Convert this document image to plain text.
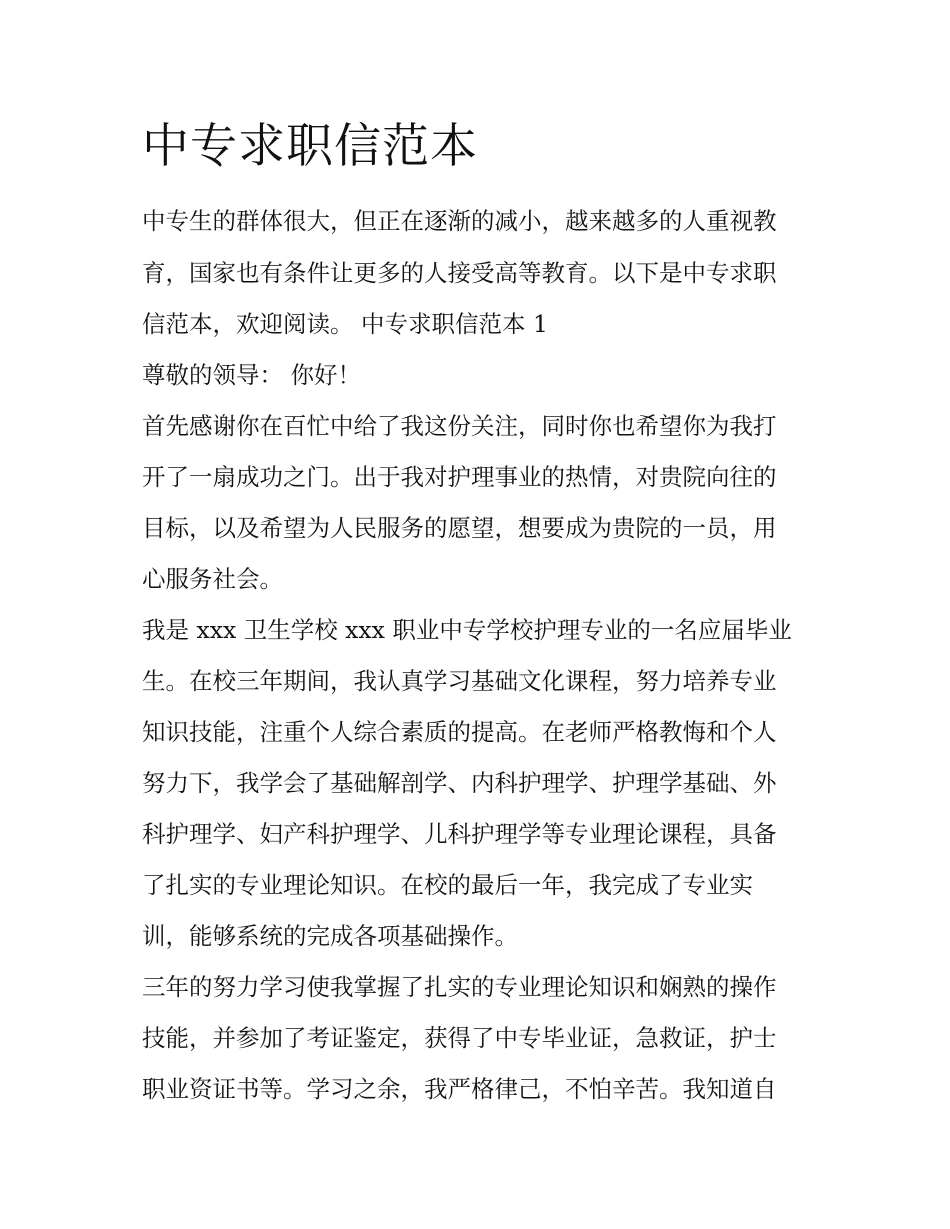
中专求职信范本

中专生的群体很大，但正在逐渐的减小，越来越多的人重视教

育，国家也有条件让更多的人接受高等教育。以下是中专求职

信范本，欢迎阅读。 中专求职信范本 1

尊敬的领导： 你好！

首先感谢你在百忙中给了我这份关注，同时你也希望你为我打

开了一扇成功之门。出于我对护理事业的热情，对贵院向往的

目标，以及希望为人民服务的愿望，想要成为贵院的一员，用

心服务社会。

我是 xxx 卫生学校 xxx 职业中专学校护理专业的一名应届毕业

生。在校三年期间，我认真学习基础文化课程，努力培养专业

知识技能，注重个人综合素质的提高。在老师严格教悔和个人

努力下，我学会了基础解剖学、内科护理学、护理学基础、外

科护理学、妇产科护理学、儿科护理学等专业理论课程，具备

了扎实的专业理论知识。在校的最后一年，我完成了专业实

训，能够系统的完成各项基础操作。

三年的努力学习使我掌握了扎实的专业理论知识和娴熟的操作

技能，并参加了考证鉴定，获得了中专毕业证，急救证，护士

职业资证书等。学习之余，我严格律己，不怕辛苦。我知道自
